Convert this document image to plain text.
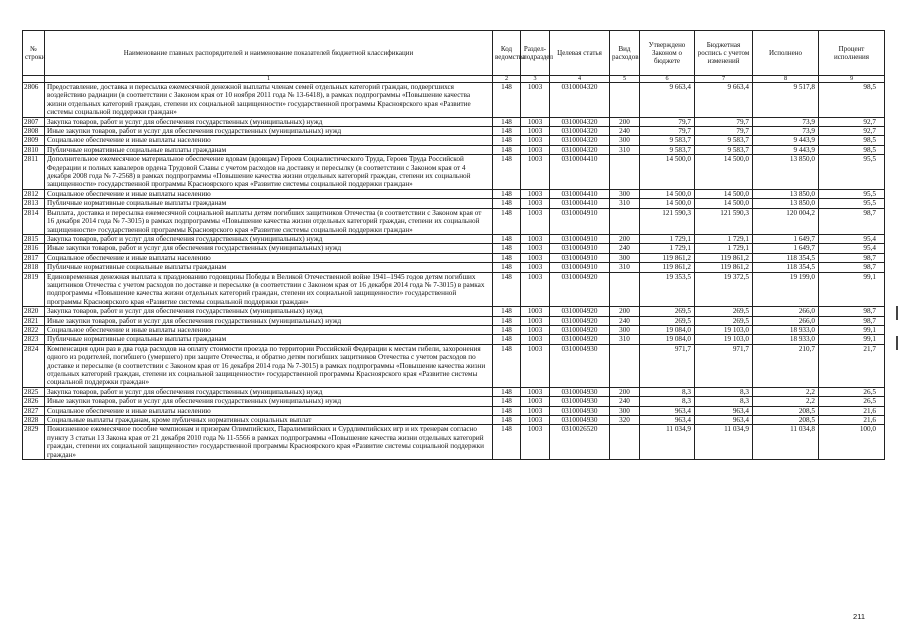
№ строки	Наименование главных распорядителей и наименование показателей бюджетной классификации	Код ведомства	Раздел-подраздел	Целевая статья	Вид расходов	Утверждено Законом о бюджете	Бюджетная роспись с учетом изменений	Исполнено	Процент исполнения
	1	2	3	4	5	6	7	8	9
2806	Предоставление, доставка и пересылка ежемесячной денежной выплаты членам семей отдельных категорий граждан, подвергшихся воздействию радиации (в соответствии с Законом края от 10 ноября 2011 года № 13-6418), в рамках подпрограммы «Повышение качества жизни отдельных категорий граждан, степени их социальной защищенности» государственной программы Красноярского края «Развитие системы социальной поддержки граждан»	148	1003	0310004320		9 663,4	9 663,4	9 517,8	98,5
2807	Закупка товаров, работ и услуг для обеспечения государственных (муниципальных) нужд	148	1003	0310004320	200	79,7	79,7	73,9	92,7
2808	Иные закупки товаров, работ и услуг для обеспечения государственных (муниципальных) нужд	148	1003	0310004320	240	79,7	79,7	73,9	92,7
2809	Социальное обеспечение и иные выплаты населению	148	1003	0310004320	300	9 583,7	9 583,7	9 443,9	98,5
2810	Публичные нормативные социальные выплаты гражданам	148	1003	0310004320	310	9 583,7	9 583,7	9 443,9	98,5
2811	Дополнительное ежемесячное материальное обеспечение вдовам (вдовцам) Героев Социалистического Труда, Героев Труда Российской Федерации и полных кавалеров ордена Трудовой Славы с учетом расходов на доставку и пересылку (в соответствии с Законом края от 4 декабря 2008 года № 7-2568) в рамках подпрограммы «Повышение качества жизни отдельных категорий граждан, степени их социальной защищенности» государственной программы Красноярского края «Развитие системы социальной поддержки граждан»	148	1003	0310004410		14 500,0	14 500,0	13 850,0	95,5
2812	Социальное обеспечение и иные выплаты населению	148	1003	0310004410	300	14 500,0	14 500,0	13 850,0	95,5
2813	Публичные нормативные социальные выплаты гражданам	148	1003	0310004410	310	14 500,0	14 500,0	13 850,0	95,5
2814	Выплата, доставка и пересылка ежемесячной социальной выплаты детям погибших защитников Отечества (в соответствии с Законом края от 16 декабря 2014 года № 7-3015) в рамках подпрограммы «Повышение качества жизни отдельных категорий граждан, степени их социальной защищенности» государственной программы Красноярского края «Развитие системы социальной поддержки граждан»	148	1003	0310004910		121 590,3	121 590,3	120 004,2	98,7
2815	Закупка товаров, работ и услуг для обеспечения государственных (муниципальных) нужд	148	1003	0310004910	200	1 729,1	1 729,1	1 649,7	95,4
2816	Иные закупки товаров, работ и услуг для обеспечения государственных (муниципальных) нужд	148	1003	0310004910	240	1 729,1	1 729,1	1 649,7	95,4
2817	Социальное обеспечение и иные выплаты населению	148	1003	0310004910	300	119 861,2	119 861,2	118 354,5	98,7
2818	Публичные нормативные социальные выплаты гражданам	148	1003	0310004910	310	119 861,2	119 861,2	118 354,5	98,7
2819	Единовременная денежная выплата к празднованию годовщины Победы в Великой Отечественной войне 1941–1945 годов детям погибших защитников Отечества с учетом расходов по доставке и пересылке (в соответствии с Законом края от 16 декабря 2014 года № 7-3015) в рамках подпрограммы «Повышение качества жизни отдельных категорий граждан, степени их социальной защищенности» государственной программы Красноярского края «Развитие системы социальной поддержки граждан»	148	1003	0310004920		19 353,5	19 372,5	19 199,0	99,1
2820	Закупка товаров, работ и услуг для обеспечения государственных (муниципальных) нужд	148	1003	0310004920	200	269,5	269,5	266,0	98,7
2821	Иные закупки товаров, работ и услуг для обеспечения государственных (муниципальных) нужд	148	1003	0310004920	240	269,5	269,5	266,0	98,7
2822	Социальное обеспечение и иные выплаты населению	148	1003	0310004920	300	19 084,0	19 103,0	18 933,0	99,1
2823	Публичные нормативные социальные выплаты гражданам	148	1003	0310004920	310	19 084,0	19 103,0	18 933,0	99,1
2824	Компенсация один раз в два года расходов на оплату стоимости проезда по территории Российской Федерации к местам гибели, захоронения одного из родителей, погибшего (умершего) при защите Отечества, и обратно детям погибших защитников Отечества с учетом расходов по доставке и пересылке (в соответствии с Законом края от 16 декабря 2014 года № 7-3015) в рамках подпрограммы «Повышение качества жизни отдельных категорий граждан, степени их социальной защищенности» государственной программы Красноярского края «Развитие системы социальной поддержки граждан»	148	1003	0310004930		971,7	971,7	210,7	21,7
2825	Закупка товаров, работ и услуг для обеспечения государственных (муниципальных) нужд	148	1003	0310004930	200	8,3	8,3	2,2	26,5
2826	Иные закупки товаров, работ и услуг для обеспечения государственных (муниципальных) нужд	148	1003	0310004930	240	8,3	8,3	2,2	26,5
2827	Социальное обеспечение и иные выплаты населению	148	1003	0310004930	300	963,4	963,4	208,5	21,6
2828	Социальные выплаты гражданам, кроме публичных нормативных социальных выплат	148	1003	0310004930	320	963,4	963,4	208,5	21,6
2829	Пожизненное ежемесячное пособие чемпионам и призерам Олимпийских, Паралимпийских и Сурдлимпийских игр и их тренерам согласно пункту 3 статьи 13 Закона края от 21 декабря 2010 года № 11-5566 в рамках подпрограммы «Повышение качества жизни отдельных категорий граждан, степени их социальной защищенности» государственной программы Красноярского края «Развитие системы социальной поддержки граждан»	148	1003	0310026520		11 034,9	11 034,9	11 034,8	100,0
211
